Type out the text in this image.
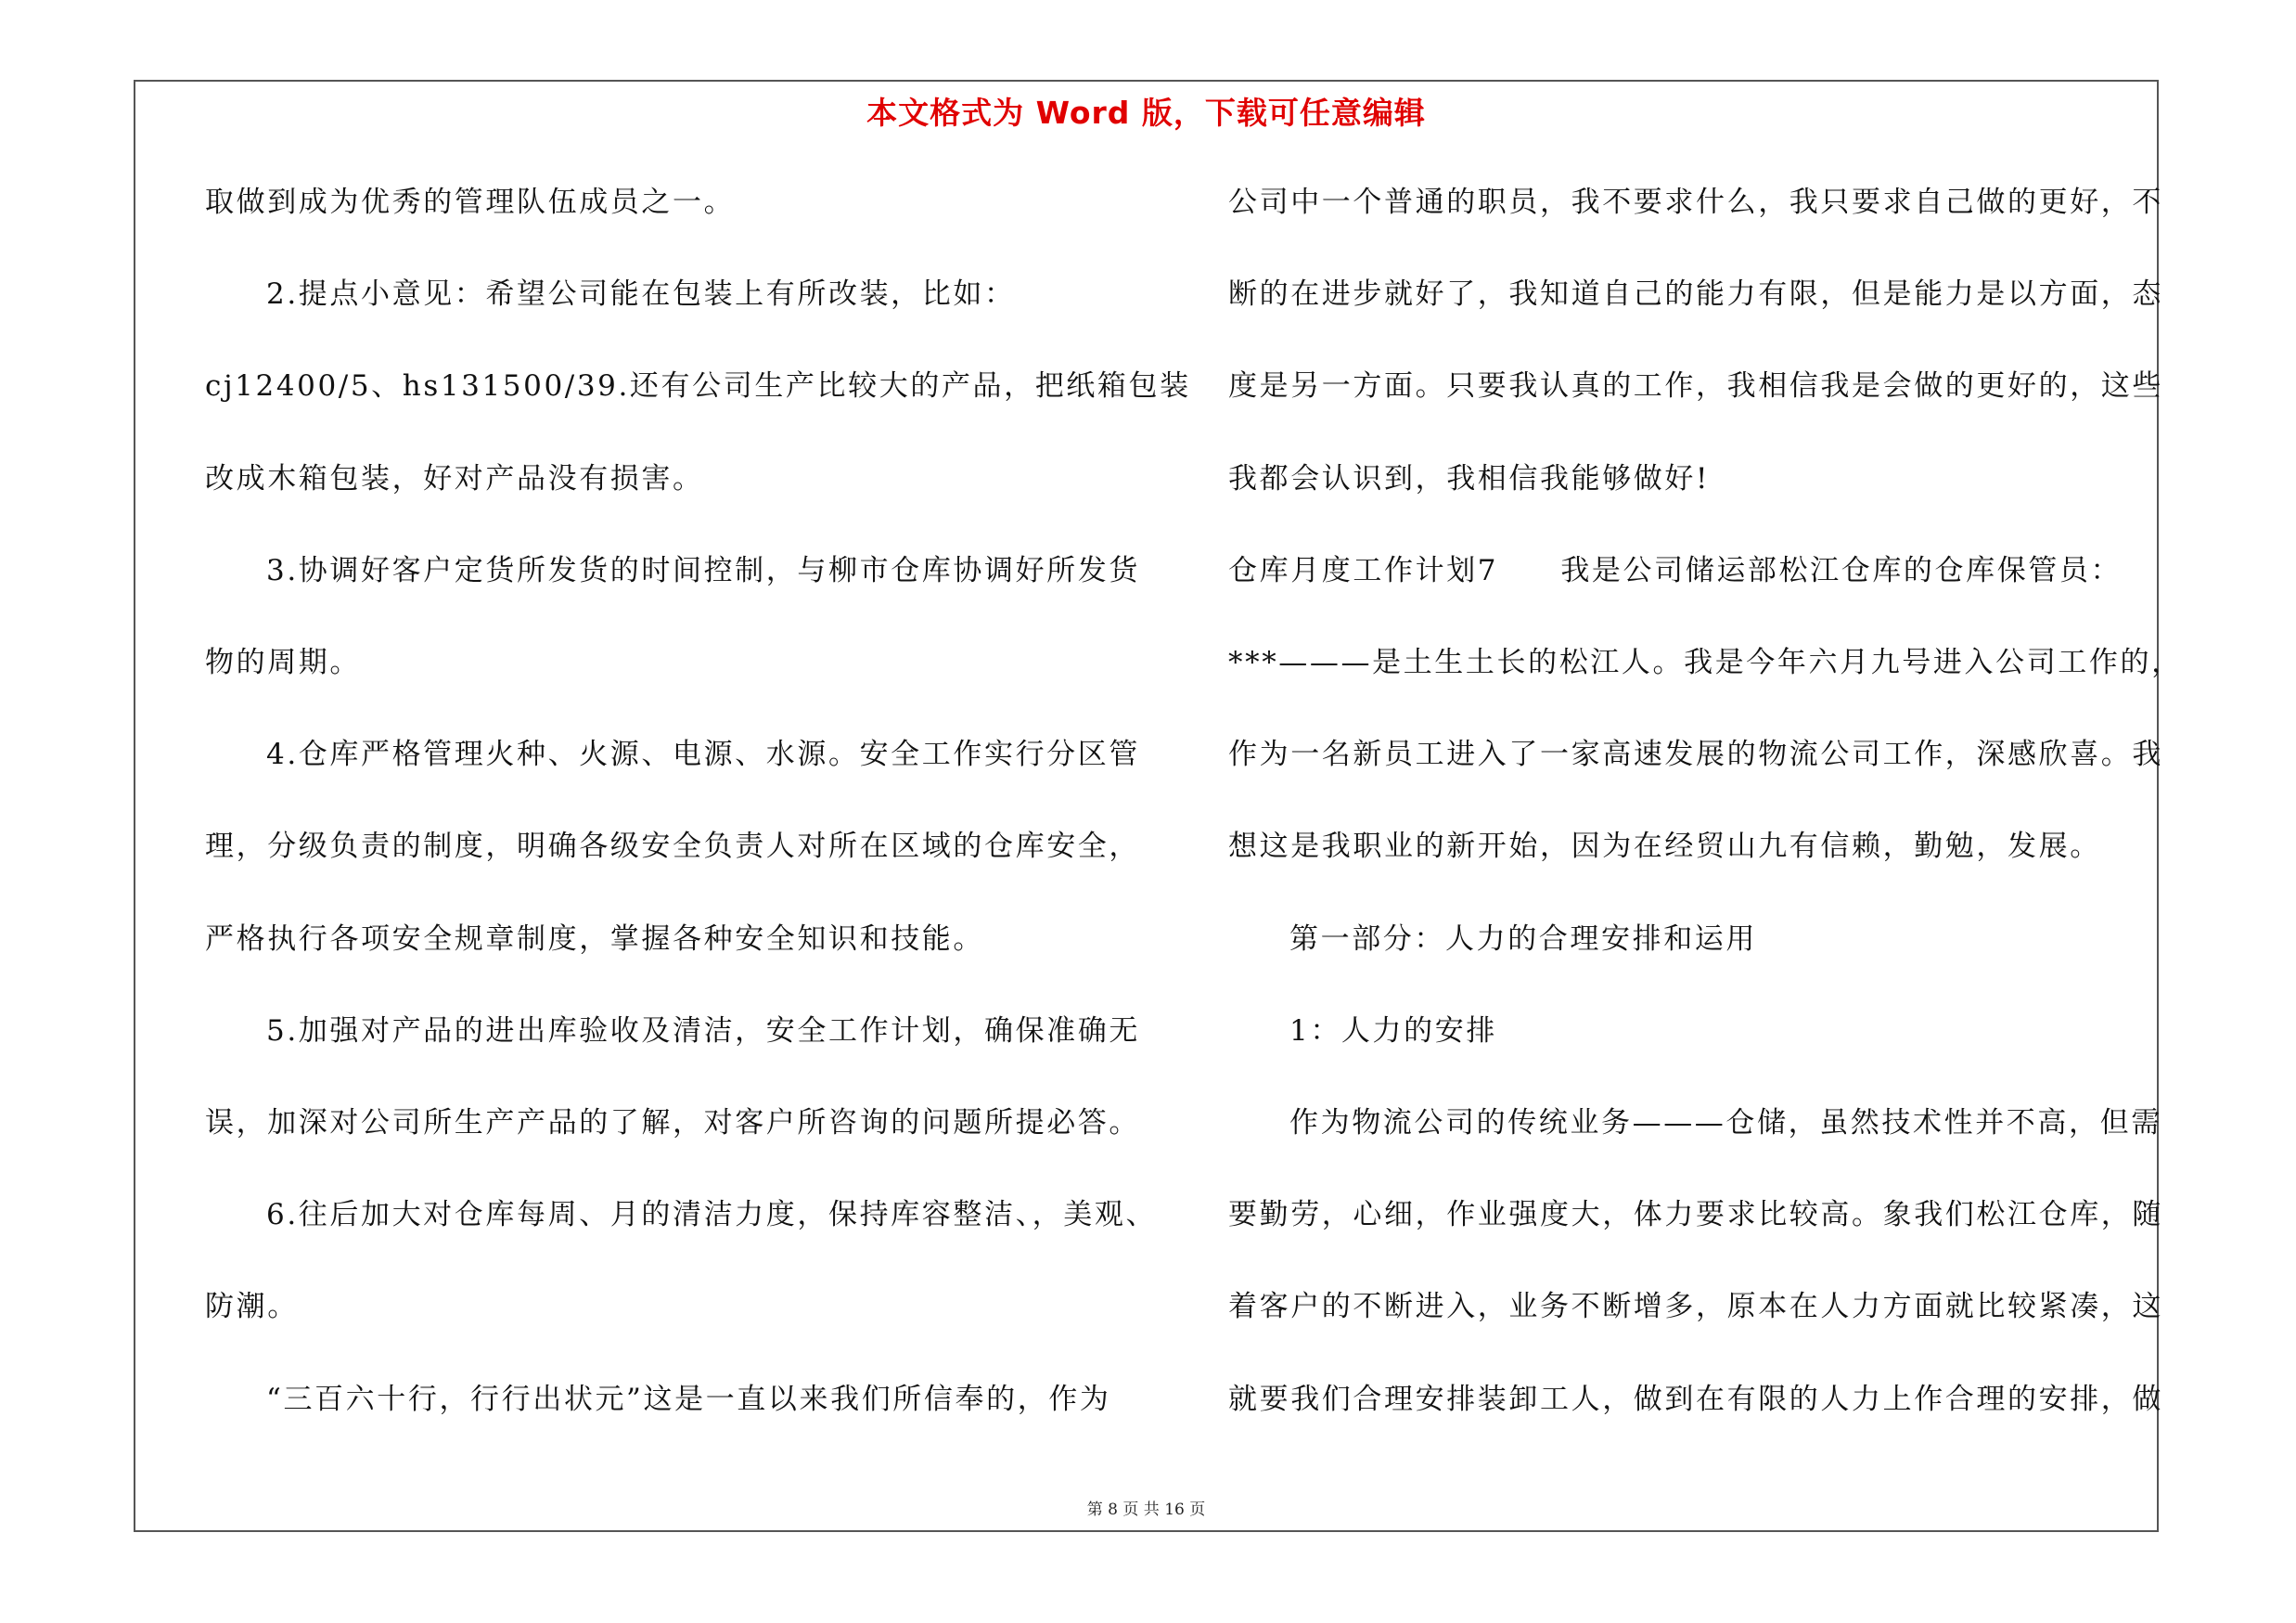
本文格式为 Word 版，下载可任意编辑
取做到成为优秀的管理队伍成员之一。
2.提点小意见：希望公司能在包装上有所改装，比如：
cj12400/5、hs131500/39.还有公司生产比较大的产品，把纸箱包装
改成木箱包装，好对产品没有损害。
3.协调好客户定货所发货的时间控制，与柳市仓库协调好所发货
物的周期。
4.仓库严格管理火种、火源、电源、水源。安全工作实行分区管
理，分级负责的制度，明确各级安全负责人对所在区域的仓库安全，
严格执行各项安全规章制度，掌握各种安全知识和技能。
5.加强对产品的进出库验收及清洁，安全工作计划，确保准确无
误，加深对公司所生产产品的了解，对客户所咨询的问题所提必答。
6.往后加大对仓库每周、月的清洁力度，保持库容整洁、，美观、
防潮。
“三百六十行，行行出状元”这是一直以来我们所信奉的，作为
公司中一个普通的职员，我不要求什么，我只要求自己做的更好，不
断的在进步就好了，我知道自己的能力有限，但是能力是以方面，态
度是另一方面。只要我认真的工作，我相信我是会做的更好的，这些
我都会认识到，我相信我能够做好!
仓库月度工作计划7　　我是公司储运部松江仓库的仓库保管员：
***———是土生土长的松江人。我是今年六月九号进入公司工作的，
作为一名新员工进入了一家高速发展的物流公司工作，深感欣喜。我
想这是我职业的新开始，因为在经贸山九有信赖，勤勉，发展。
第一部分：人力的合理安排和运用
1：人力的安排
作为物流公司的传统业务———仓储，虽然技术性并不高，但需
要勤劳，心细，作业强度大，体力要求比较高。象我们松江仓库，随
着客户的不断进入，业务不断增多，原本在人力方面就比较紧凑，这
就要我们合理安排装卸工人，做到在有限的人力上作合理的安排，做
第 8 页 共 16 页
